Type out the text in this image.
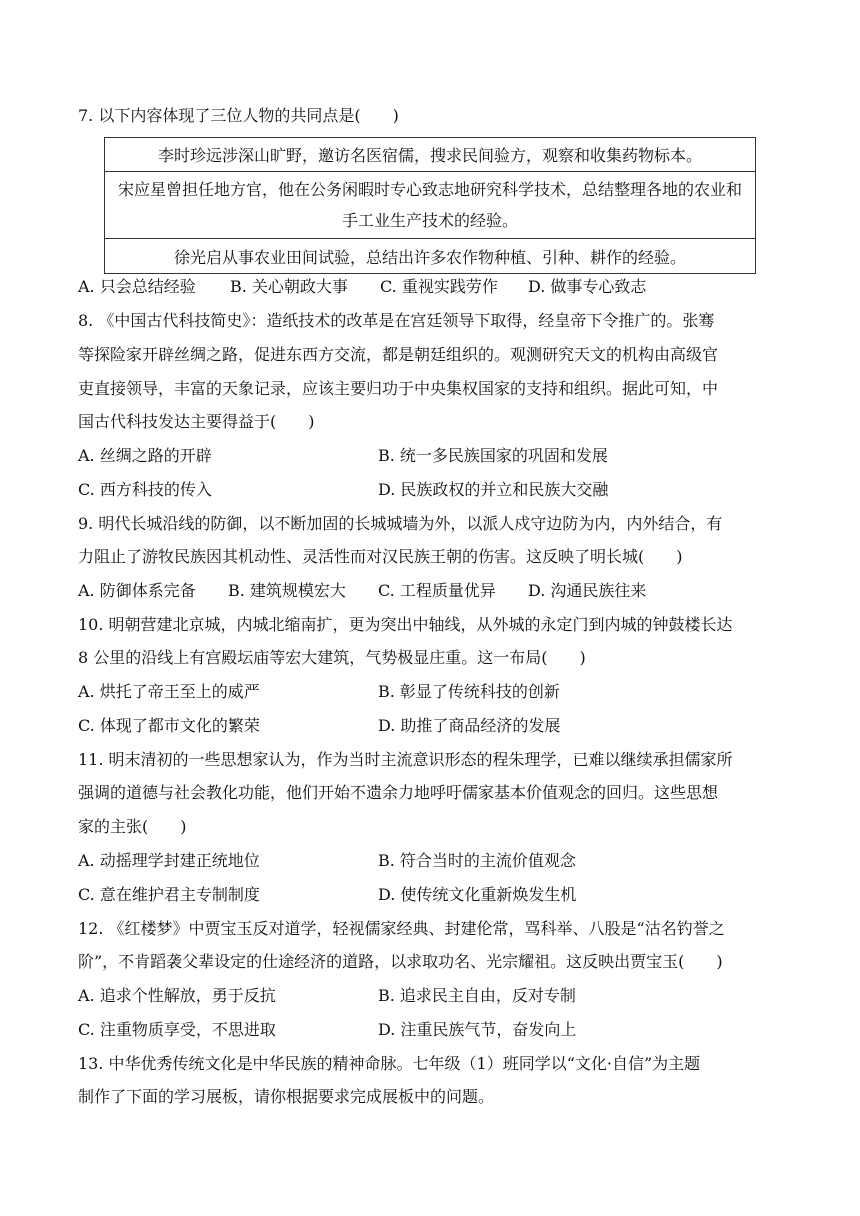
7. 以下内容体现了三位人物的共同点是(　　)
李时珍远涉深山旷野，邀访名医宿儒，搜求民间验方，观察和收集药物标本。
宋应星曾担任地方官，他在公务闲暇时专心致志地研究科学技术，总结整理各地的农业和手工业生产技术的经验。
徐光启从事农业田间试验，总结出许多农作物种植、引种、耕作的经验。
A. 只会总结经验 B. 关心朝政大事 C. 重视实践劳作 D. 做事专心致志
8. 《中国古代科技简史》：造纸技术的改革是在宫廷领导下取得，经皇帝下令推广的。张骞
等探险家开辟丝绸之路，促进东西方交流，都是朝廷组织的。观测研究天文的机构由高级官
吏直接领导，丰富的天象记录，应该主要归功于中央集权国家的支持和组织。据此可知，中
国古代科技发达主要得益于(　　)
A. 丝绸之路的开辟	B. 统一多民族国家的巩固和发展
C. 西方科技的传入	D. 民族政权的并立和民族大交融
9. 明代长城沿线的防御，以不断加固的长城城墙为外，以派人戍守边防为内，内外结合，有
力阻止了游牧民族因其机动性、灵活性而对汉民族王朝的伤害。这反映了明长城(　　)
A. 防御体系完备 B. 建筑规模宏大 C. 工程质量优异 D. 沟通民族往来
10. 明朝营建北京城，内城北缩南扩，更为突出中轴线，从外城的永定门到内城的钟鼓楼长达
8 公里的沿线上有宫殿坛庙等宏大建筑，气势极显庄重。这一布局(　　)
A. 烘托了帝王至上的威严	B. 彰显了传统科技的创新
C. 体现了都市文化的繁荣	D. 助推了商品经济的发展
11. 明末清初的一些思想家认为，作为当时主流意识形态的程朱理学，已难以继续承担儒家所
强调的道德与社会教化功能，他们开始不遗余力地呼吁儒家基本价值观念的回归。这些思想
家的主张(　　)
A. 动摇理学封建正统地位	B. 符合当时的主流价值观念
C. 意在维护君主专制制度	D. 使传统文化重新焕发生机
12. 《红楼梦》中贾宝玉反对道学，轻视儒家经典、封建伦常，骂科举、八股是“沽名钓誉之
阶”，不肯蹈袭父辈设定的仕途经济的道路，以求取功名、光宗耀祖。这反映出贾宝玉(　　)
A. 追求个性解放，勇于反抗	B. 追求民主自由，反对专制
C. 注重物质享受，不思进取	D. 注重民族气节，奋发向上
13. 中华优秀传统文化是中华民族的精神命脉。七年级（1）班同学以“文化·自信”为主题
制作了下面的学习展板，请你根据要求完成展板中的问题。
